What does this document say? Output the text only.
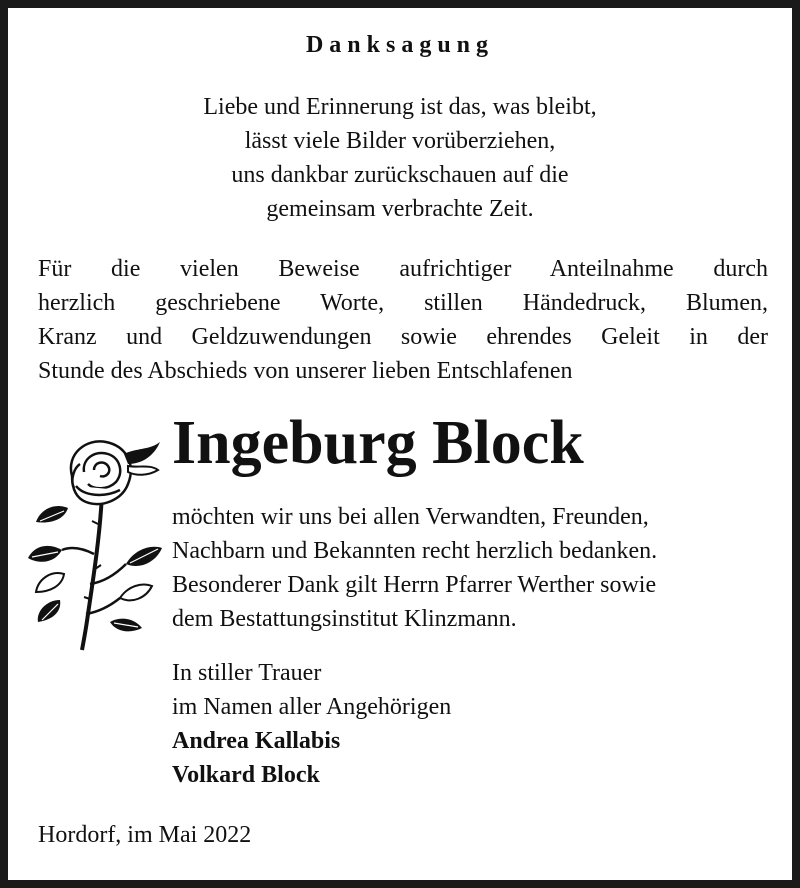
Danksagung
Liebe und Erinnerung ist das, was bleibt,
lässt viele Bilder vorüberziehen,
uns dankbar zurückschauen auf die
gemeinsam verbrachte Zeit.
Für die vielen Beweise aufrichtiger Anteilnahme durch
herzlich geschriebene Worte, stillen Händedruck, Blumen,
Kranz und Geldzuwendungen sowie ehrendes Geleit in der
Stunde des Abschieds von unserer lieben Entschlafenen
Ingeburg Block
möchten wir uns bei allen Verwandten, Freunden,
Nachbarn und Bekannten recht herzlich bedanken.
Besonderer Dank gilt Herrn Pfarrer Werther sowie
dem Bestattungsinstitut Klinzmann.
In stiller Trauer
im Namen aller Angehörigen
Andrea Kallabis
Volkard Block
Hordorf, im Mai 2022
